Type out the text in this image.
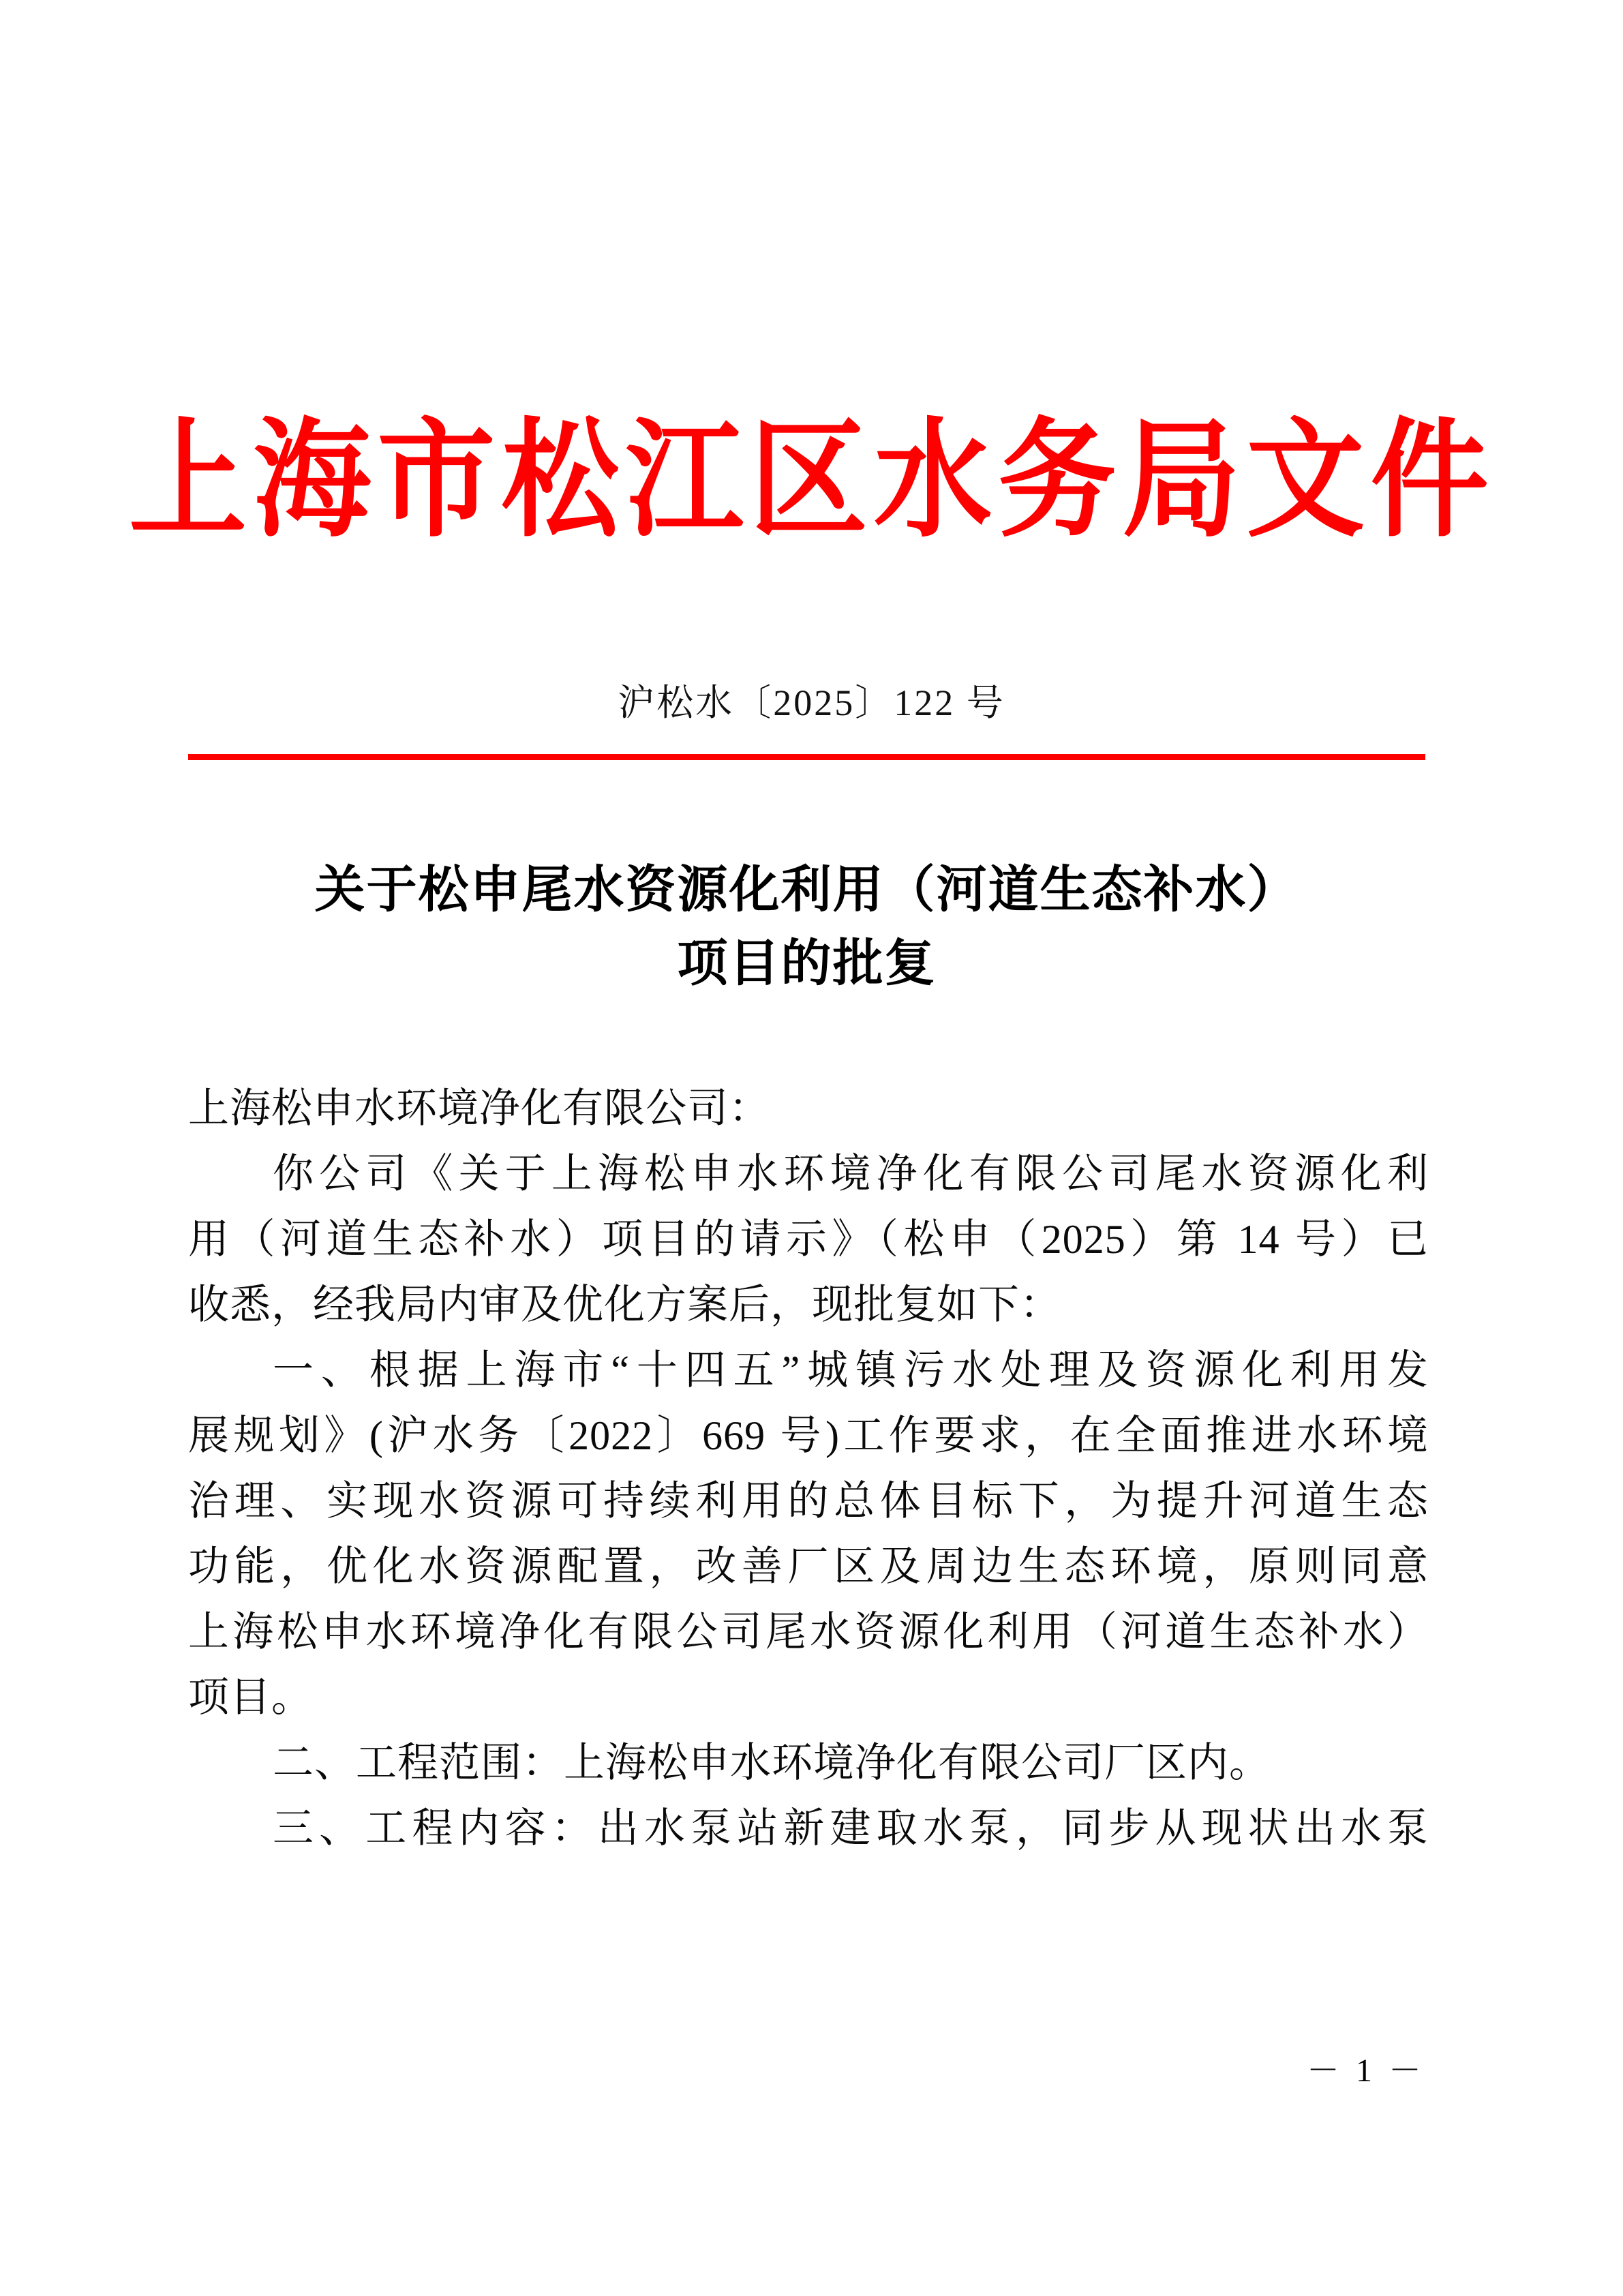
上海市松江区水务局文件
沪松水〔2025〕122 号
关于松申尾水资源化利用（河道生态补水）
项目的批复
上海松申水环境净化有限公司：
你公司《关于上海松申水环境净化有限公司尾水资源化利
用（河道生态补水）项目的请示》（松申（2025）第 14 号）已
收悉，经我局内审及优化方案后，现批复如下：
一、根据上海市“十四五”城镇污水处理及资源化利用发
展规划》(沪水务〔2022〕669 号)工作要求，在全面推进水环境
治理、实现水资源可持续利用的总体目标下，为提升河道生态
功能，优化水资源配置，改善厂区及周边生态环境，原则同意
上海松申水环境净化有限公司尾水资源化利用（河道生态补水）
项目。
二、工程范围：上海松申水环境净化有限公司厂区内。
三、工程内容：出水泵站新建取水泵，同步从现状出水泵
－ 1 －
